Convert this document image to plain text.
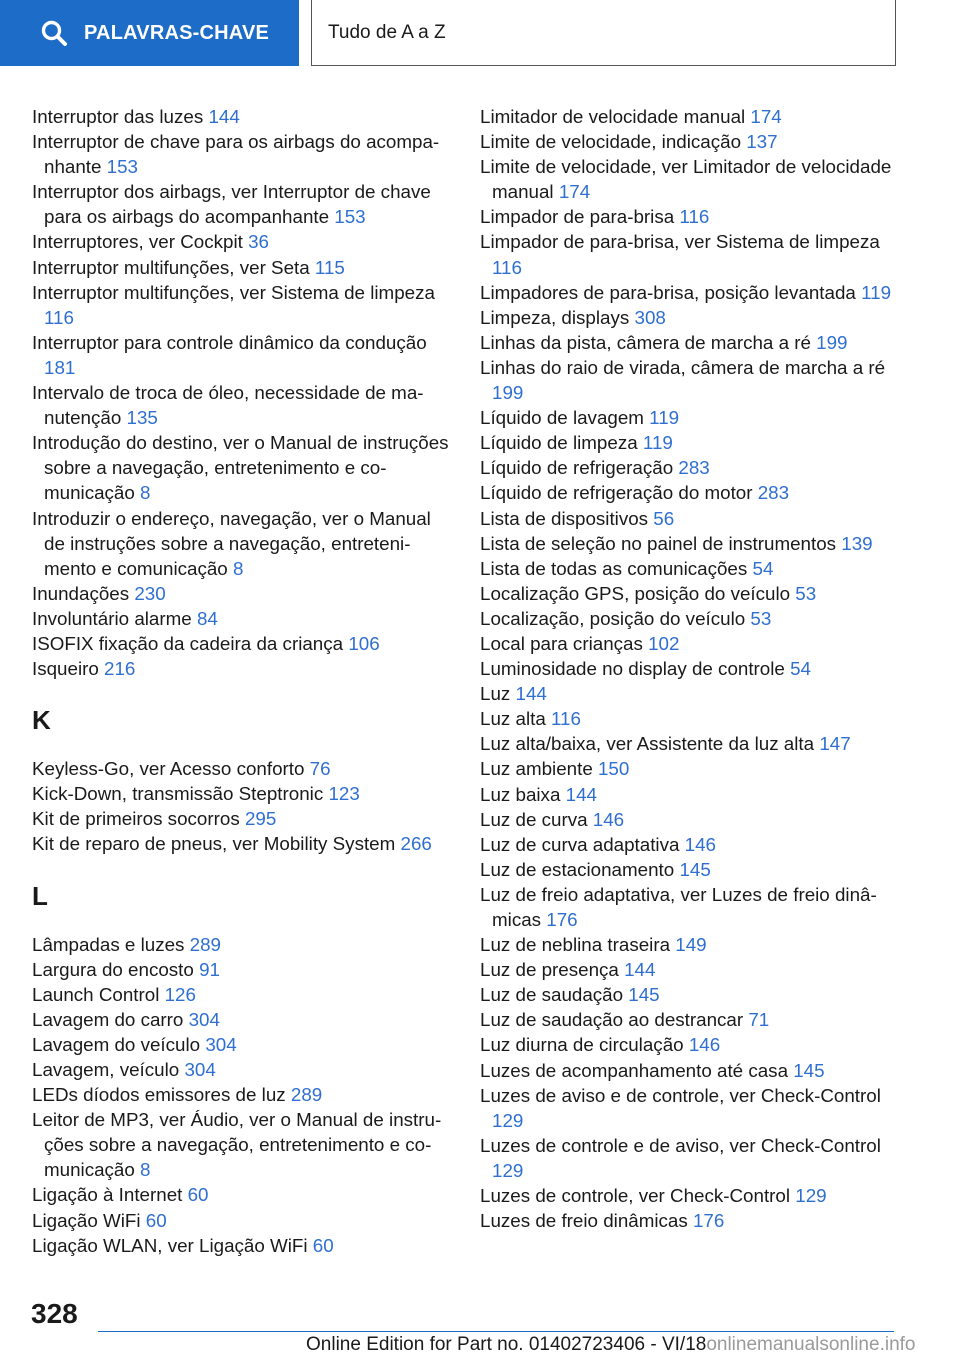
PALAVRAS-CHAVE	Tudo de A a Z
Interruptor das luzes 144
Interruptor de chave para os airbags do acompanhante 153
Interruptor dos airbags, ver Interruptor de chave para os airbags do acompanhante 153
Interruptores, ver Cockpit 36
Interruptor multifunções, ver Seta 115
Interruptor multifunções, ver Sistema de limpeza 116
Interruptor para controle dinâmico da condução 181
Intervalo de troca de óleo, necessidade de manutenção 135
Introdução do destino, ver o Manual de instruções sobre a navegação, entretenimento e comunicação 8
Introduzir o endereço, navegação, ver o Manual de instruções sobre a navegação, entretenimento e comunicação 8
Inundações 230
Involuntário alarme 84
ISOFIX fixação da cadeira da criança 106
Isqueiro 216
K
Keyless-Go, ver Acesso conforto 76
Kick-Down, transmissão Steptronic 123
Kit de primeiros socorros 295
Kit de reparo de pneus, ver Mobility System 266
L
Lâmpadas e luzes 289
Largura do encosto 91
Launch Control 126
Lavagem do carro 304
Lavagem do veículo 304
Lavagem, veículo 304
LEDs díodos emissores de luz 289
Leitor de MP3, ver Áudio, ver o Manual de instruções sobre a navegação, entretenimento e comunicação 8
Ligação à Internet 60
Ligação WiFi 60
Ligação WLAN, ver Ligação WiFi 60
Limitador de velocidade manual 174
Limite de velocidade, indicação 137
Limite de velocidade, ver Limitador de velocidade manual 174
Limpador de para-brisa 116
Limpador de para-brisa, ver Sistema de limpeza 116
Limpadores de para-brisa, posição levantada 119
Limpeza, displays 308
Linhas da pista, câmera de marcha a ré 199
Linhas do raio de virada, câmera de marcha a ré 199
Líquido de lavagem 119
Líquido de limpeza 119
Líquido de refrigeração 283
Líquido de refrigeração do motor 283
Lista de dispositivos 56
Lista de seleção no painel de instrumentos 139
Lista de todas as comunicações 54
Localização GPS, posição do veículo 53
Localização, posição do veículo 53
Local para crianças 102
Luminosidade no display de controle 54
Luz 144
Luz alta 116
Luz alta/baixa, ver Assistente da luz alta 147
Luz ambiente 150
Luz baixa 144
Luz de curva 146
Luz de curva adaptativa 146
Luz de estacionamento 145
Luz de freio adaptativa, ver Luzes de freio dinâmicas 176
Luz de neblina traseira 149
Luz de presença 144
Luz de saudação 145
Luz de saudação ao destrancar 71
Luz diurna de circulação 146
Luzes de acompanhamento até casa 145
Luzes de aviso e de controle, ver Check-Control 129
Luzes de controle e de aviso, ver Check-Control 129
Luzes de controle, ver Check-Control 129
Luzes de freio dinâmicas 176
328
Online Edition for Part no. 01402723406 - VI/18onlinemanualsonline.info
